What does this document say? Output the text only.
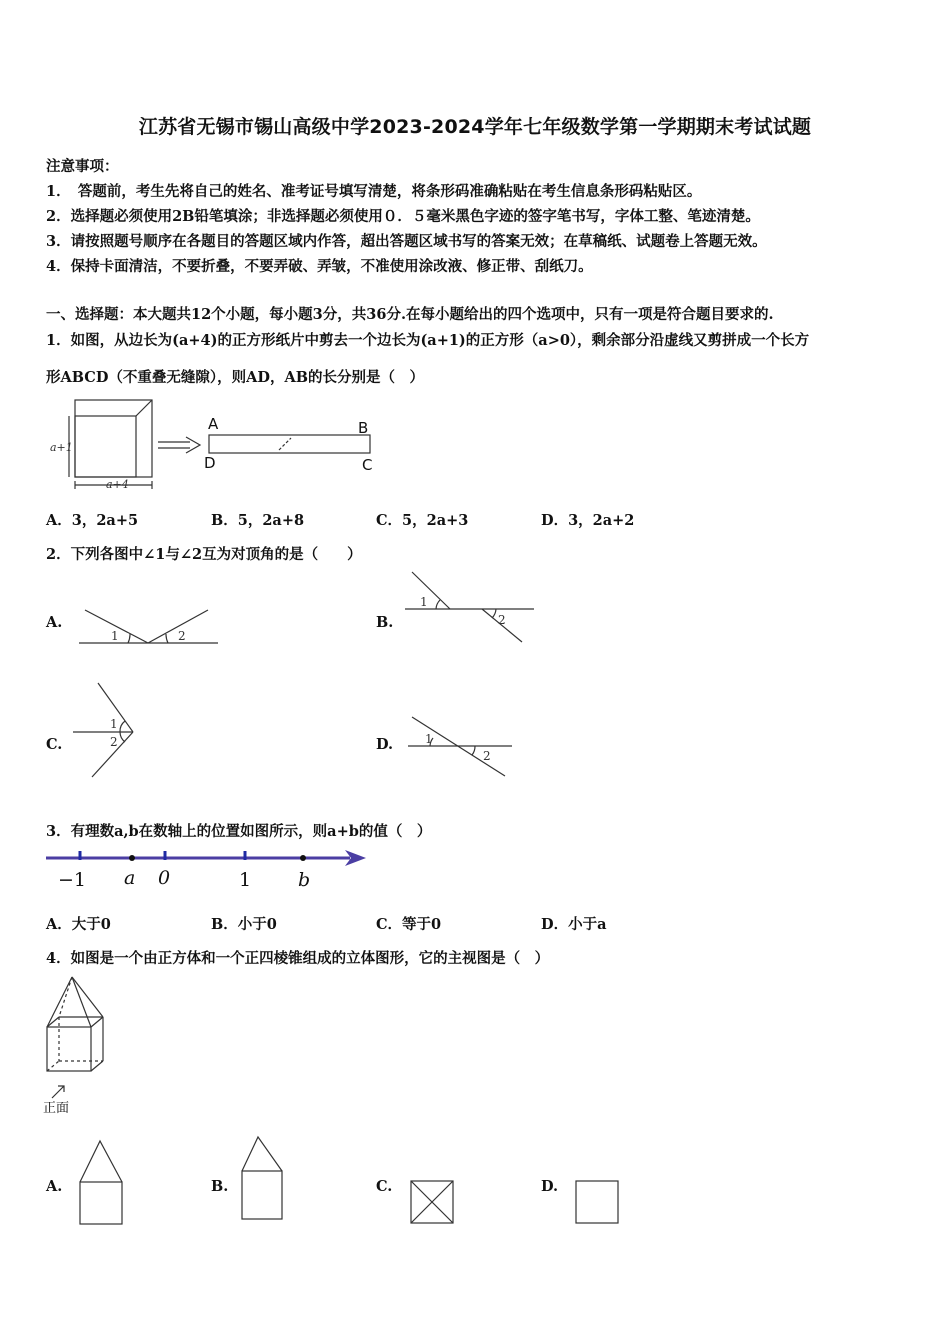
江苏省无锡市锡山高级中学2023-2024学年七年级数学第一学期期末考试试题
注意事项：
1．　答题前，考生先将自己的姓名、准考证号填写清楚，将条形码准确粘贴在考生信息条形码粘贴区。
2．选择题必须使用2B铅笔填涂；非选择题必须使用０．５毫米黑色字迹的签字笔书写，字体工整、笔迹清楚。
3．请按照题号顺序在各题目的答题区域内作答，超出答题区域书写的答案无效；在草稿纸、试题卷上答题无效。
4．保持卡面清洁，不要折叠，不要弄破、弄皱，不准使用涂改液、修正带、刮纸刀。
一、选择题：本大题共12个小题，每小题3分，共36分.在每小题给出的四个选项中，只有一项是符合题目要求的.
1．如图，从边长为(a+4)的正方形纸片中剪去一个边长为(a+1)的正方形（a>0），剩余部分沿虚线又剪拼成一个长方
形ABCD（不重叠无缝隙），则AD，AB的长分别是（　）
a+1
a+4
A	B
D	C
A．3，2a+5	B．5，2a+8	C．5，2a+3	D．3，2a+2
2．下列各图中∠1与∠2互为对顶角的是（　　）
A.
1	2
B.
1
2
C.
1
2	D.	1
2
3．有理数a,b在数轴上的位置如图所示，则a+b的值（　）
−1 a 0	1 b
A．大于0	B．小于0	C．等于0	D．小于a
4．如图是一个由正方体和一个正四棱锥组成的立体图形，它的主视图是（　）
正面
A.	B.	C.	D.
